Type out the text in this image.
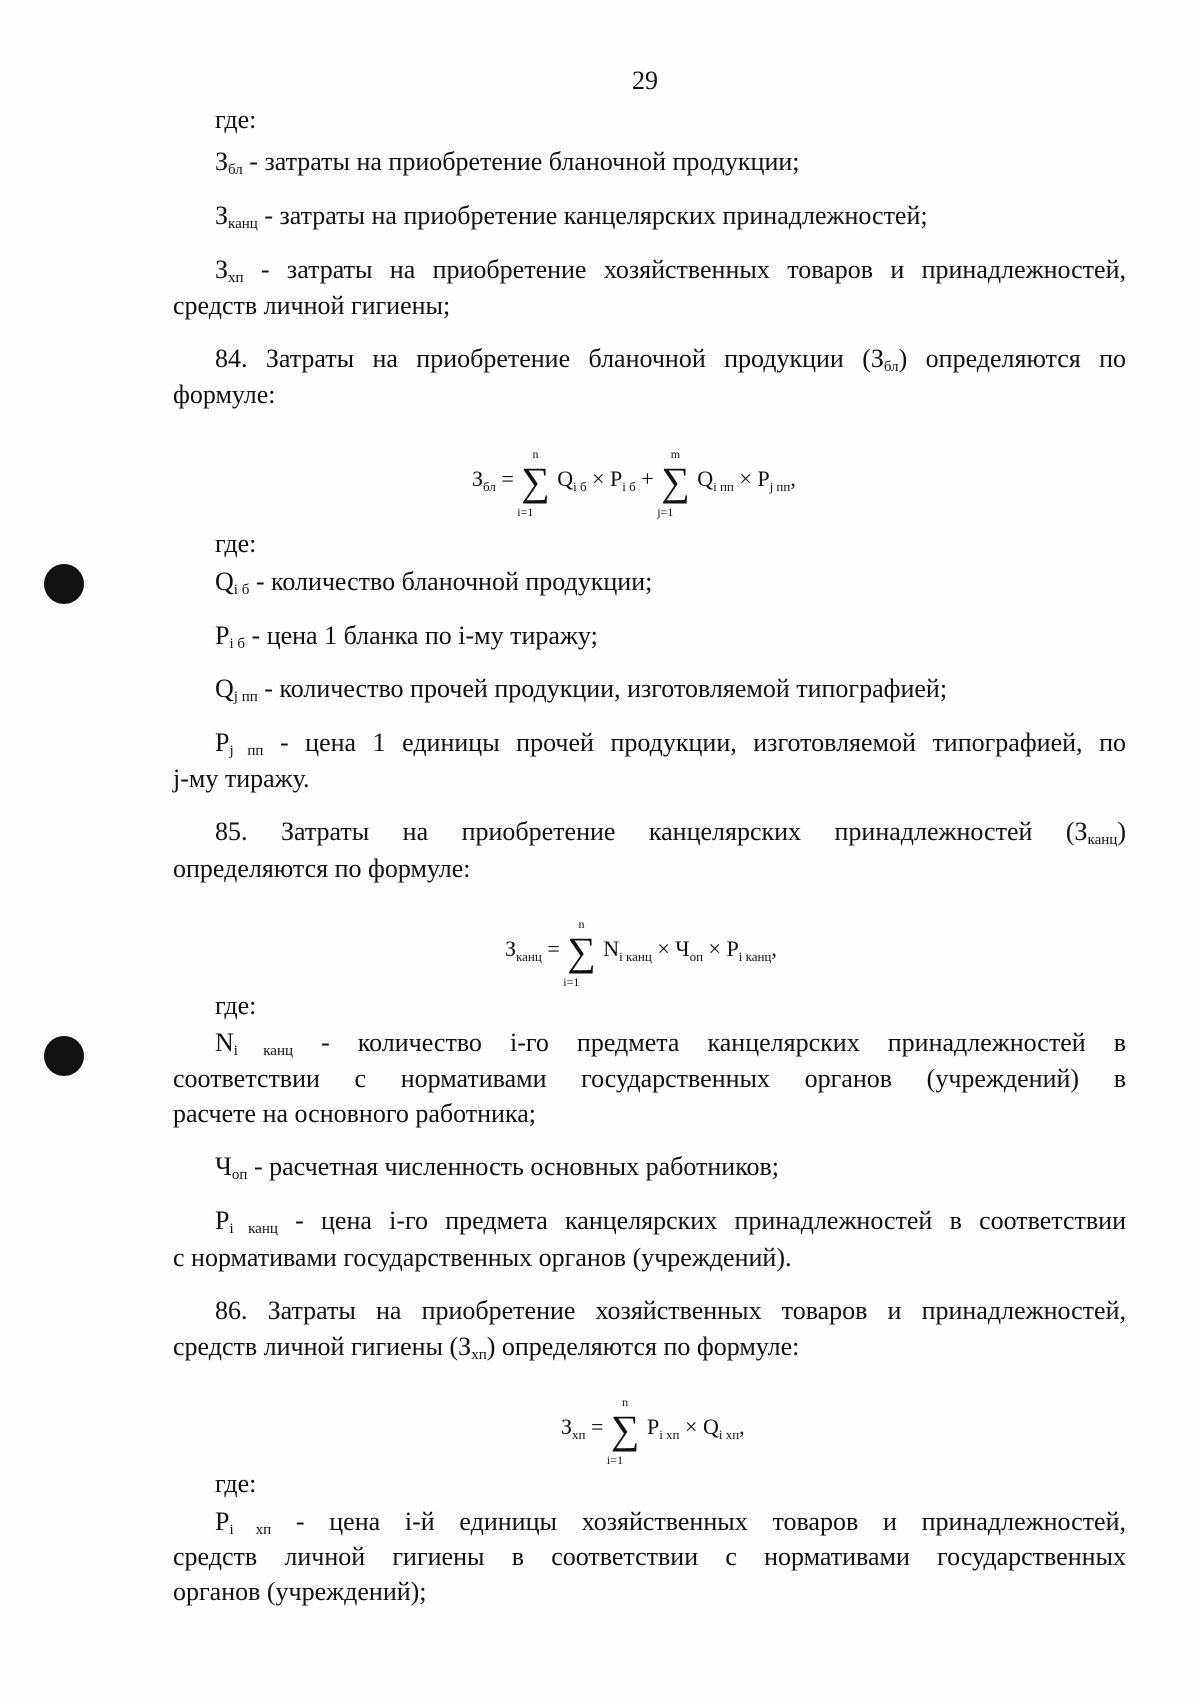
29
где:
$З_{бл}$ - затраты на приобретение бланочной продукции;
$З_{канц}$ - затраты на приобретение канцелярских принадлежностей;
$З_{хп}$ - затраты на приобретение хозяйственных товаров и принадлежностей,
средств личной гигиены;
84. Затраты на приобретение бланочной продукции $(З_{бл})$ определяются по
формуле:
$З_{бл}$ = ∑
n
i=1
$Q_{i б} \times P_{i б}$ + ∑
m
j=1
$Q_{i пп} \times P_{j пп}$,
где:
$Q_{i б}$ - количество бланочной продукции;
$P_{i б}$ - цена 1 бланка по i-му тиражу;
$Q_{j пп}$ - количество прочей продукции, изготовляемой типографией;
$P_{j пп}$ - цена 1 единицы прочей продукции, изготовляемой типографией, по
j-му тиражу.
85. Затраты на приобретение канцелярских принадлежностей $(З_{канц})$
определяются по формуле:
$З_{канц}$ = ∑
n
i=1
$N_{i канц} \times Ч_{оп} \times P_{i канц}$,
где:
$N_{i канц}$ - количество i-го предмета канцелярских принадлежностей в
соответствии с нормативами государственных органов (учреждений) в
расчете на основного работника;
$Ч_{оп}$ - расчетная численность основных работников;
$P_{i канц}$ - цена i-го предмета канцелярских принадлежностей в соответствии
с нормативами государственных органов (учреждений).
86. Затраты на приобретение хозяйственных товаров и принадлежностей,
средств личной гигиены $(З_{хп})$ определяются по формуле:
$З_{хп}$ = ∑
n
i=1
$P_{i хп} \times Q_{i хп}$,
где:
$P_{i хп}$ - цена i-й единицы хозяйственных товаров и принадлежностей,
средств личной гигиены в соответствии с нормативами государственных
органов (учреждений);
